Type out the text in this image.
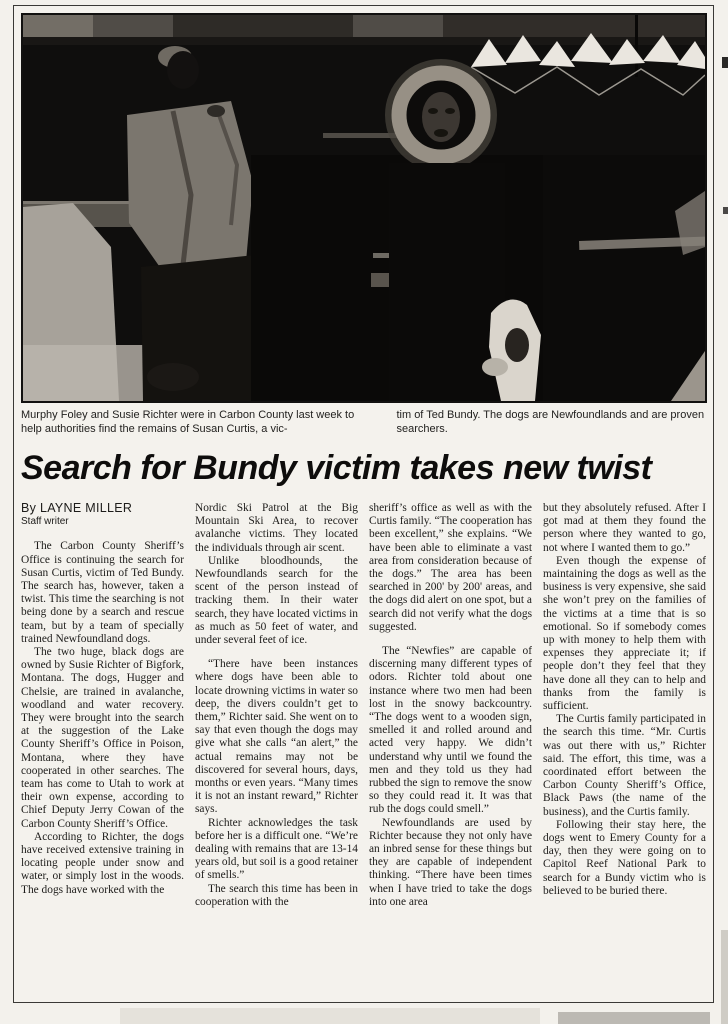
Murphy Foley and Susie Richter were in Carbon County last week to help authorities find the remains of Susan Curtis, a vic-
tim of Ted Bundy. The dogs are Newfoundlands and are proven searchers.
Search for Bundy victim takes new twist
By LAYNE MILLER
Staff writer

The Carbon County Sheriff’s Office is continuing the search for Susan Curtis, victim of Ted Bundy. The search has, however, taken a twist. This time the searching is not being done by a search and rescue team, but by a team of specially trained Newfoundland dogs.

The two huge, black dogs are owned by Susie Richter of Bigfork, Montana. The dogs, Hugger and Chelsie, are trained in avalanche, woodland and water recovery. They were brought into the search at the suggestion of the Lake County Sheriff’s Office in Poison, Montana, where they have cooperated in other searches. The team has come to Utah to work at their own expense, according to Chief Deputy Jerry Cowan of the Carbon County Sheriff’s Office.

According to Richter, the dogs have received extensive training in locating people under snow and water, or simply lost in the woods. The dogs have worked with the

Nordic Ski Patrol at the Big Mountain Ski Area, to recover avalanche victims. They located the individuals through air scent.

Unlike bloodhounds, the Newfoundlands search for the scent of the person instead of tracking them. In their water search, they have located victims in as much as 50 feet of water, and under several feet of ice.

“There have been instances where dogs have been able to locate drowning victims in water so deep, the divers couldn’t get to them,” Richter said. She went on to say that even though the dogs may give what she calls “an alert,” the actual remains may not be discovered for several hours, days, months or even years. “Many times it is not an instant reward,” Richter says.

Richter acknowledges the task before her is a difficult one. “We’re dealing with remains that are 13-14 years old, but soil is a good retainer of smells.”

The search this time has been in cooperation with the

sheriff’s office as well as with the Curtis family. “The cooperation has been excellent,” she explains. “We have been able to eliminate a vast area from consideration because of the dogs.” The area has been searched in 200' by 200' areas, and the dogs did alert on one spot, but a search did not verify what the dogs suggested.

The “Newfies” are capable of discerning many different types of odors. Richter told about one instance where two men had been lost in the snowy backcountry. “The dogs went to a wooden sign, smelled it and rolled around and acted very happy. We didn’t understand why until we found the men and they told us they had rubbed the sign to remove the snow so they could read it. It was that rub the dogs could smell.”

Newfoundlands are used by Richter because they not only have an inbred sense for these things but they are capable of independent thinking. “There have been times when I have tried to take the dogs into one area

but they absolutely refused. After I got mad at them they found the person where they wanted to go, not where I wanted them to go.”

Even though the expense of maintaining the dogs as well as the business is very expensive, she said she won’t prey on the families of the victims at a time that is so emotional. So if somebody comes up with money to help them with expenses they appreciate it; if people don’t they feel that they have done all they can to help and thanks from the family is sufficient.

The Curtis family participated in the search this time. “Mr. Curtis was out there with us,” Richter said. The effort, this time, was a coordinated effort between the Carbon County Sheriff’s Office, Black Paws (the name of the business), and the Curtis family.

Following their stay here, the dogs went to Emery County for a day, then they were going on to Capitol Reef National Park to search for a Bundy victim who is believed to be buried there.
